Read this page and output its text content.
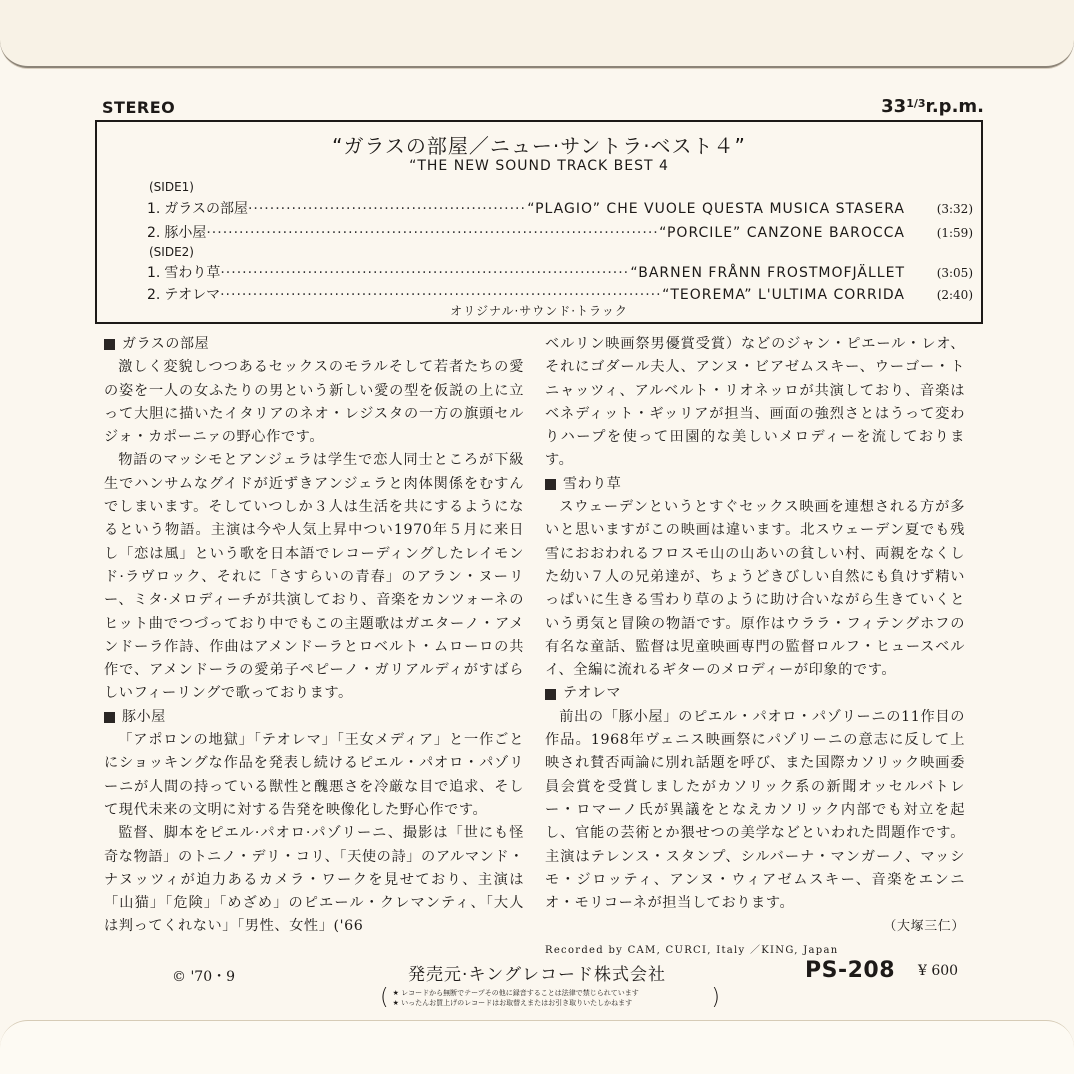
STEREO	$33^{1/3}r.p.m$.
“ガラスの部屋／ニュー·サントラ·ベスト４”
“THE NEW SOUND TRACK BEST 4
(SIDE1)
1. ガラスの部屋 ·····	“PLAGIO” CHE VUOLE QUESTA MUSICA STASERA	(3:32)
2. 豚小屋 ·····	“PORCILE” CANZONE BAROCCA	(1:59)
(SIDE2)
1. 雪わり草 ·····	“BARNEN FRÅNN FROSTMOFJÄLLET	(3:05)
2. テオレマ ·····	“TEOREMA” L'ULTIMA CORRIDA	(2:40)
オリジナル·サウンド·トラック
ガラスの部屋

激しく変貌しつつあるセックスのモラルそして若者たちの愛の姿を一人の女ふたりの男という新しい愛の型を仮説の上に立って大胆に描いたイタリアのネオ・レジスタの一方の旗頭セルジォ・カポーニァの野心作です。

物語のマッシモとアンジェラは学生で恋人同士ところが下級生でハンサムなグイドが近ずきアンジェラと肉体関係をむすんでしまいます。そしていつしか３人は生活を共にするようになるという物語。主演は今や人気上昇中つい1970年５月に来日し「恋は風」という歌を日本語でレコーディングしたレイモンド·ラヴロック、それに「さすらいの青春」のアラン・ヌーリー、ミタ·メロディーチが共演しており、音楽をカンツォーネのヒット曲でつづっており中でもこの主題歌はガエターノ・アメンドーラ作詩、作曲はアメンドーラとロベルト・ムローロの共作で、アメンドーラの愛弟子ペピーノ・ガリアルディがすばらしいフィーリングで歌っております。

豚小屋

「アポロンの地獄」「テオレマ」「王女メディア」と一作ごとにショッキングな作品を発表し続けるピエル・パオロ・パゾリーニが人間の持っている獣性と醜悪さを冷厳な目で追求、そして現代未来の文明に対する告発を映像化した野心作です。

監督、脚本をピエル·パオロ·パゾリーニ、撮影は「世にも怪奇な物語」のトニノ・デリ・コリ、「天使の詩」のアルマンド・ナヌッツィが迫力あるカメラ・ワークを見せており、主演は「山猫」「危険」「めざめ」のピエール・クレマンティ、「大人は判ってくれない」「男性、女性」('66

ベルリン映画祭男優賞受賞）などのジャン・ピエール・レオ、それにゴダール夫人、アンヌ・ビアゼムスキー、ウーゴー・トニャッツィ、アルベルト・リオネッロが共演しており、音楽はベネディット・ギッリアが担当、画面の強烈さとはうって変わりハープを使って田園的な美しいメロディーを流しております。

雪わり草

スウェーデンというとすぐセックス映画を連想される方が多いと思いますがこの映画は違います。北スウェーデン夏でも残雪におおわれるフロスモ山の山あいの貧しい村、両親をなくした幼い７人の兄弟達が、ちょうどきびしい自然にも負けず精いっぱいに生きる雪わり草のように助け合いながら生きていくという勇気と冒険の物語です。原作はウララ・フィテングホフの有名な童話、監督は児童映画専門の監督ロルフ・ヒュースベルイ、全編に流れるギターのメロディーが印象的です。

テオレマ

前出の「豚小屋」のピエル・パオロ・パゾリーニの11作目の作品。1968年ヴェニス映画祭にパゾリーニの意志に反して上映され賛否両論に別れ話題を呼び、また国際カソリック映画委員会賞を受賞しましたがカソリック系の新聞オッセルバトレー・ロマーノ氏が異議をとなえカソリック内部でも対立を起し、官能の芸術とか猥せつの美学などといわれた問題作です。主演はテレンス・スタンプ、シルバーナ・マンガーノ、マッシモ・ジロッティ、アンヌ・ウィアゼムスキー、音楽をエンニオ・モリコーネが担当しております。

（大塚三仁）
Recorded by CAM, CURCI, Italy ／KING, Japan
© '70・9	発売元·キングレコード株式会社
( ★ レコードから無断でテープその他に録音することは法律で禁じられています
★ いったんお買上げのレコードはお取替えまたはお引き取りいたしかねます	)
PS-208 ¥ 600
